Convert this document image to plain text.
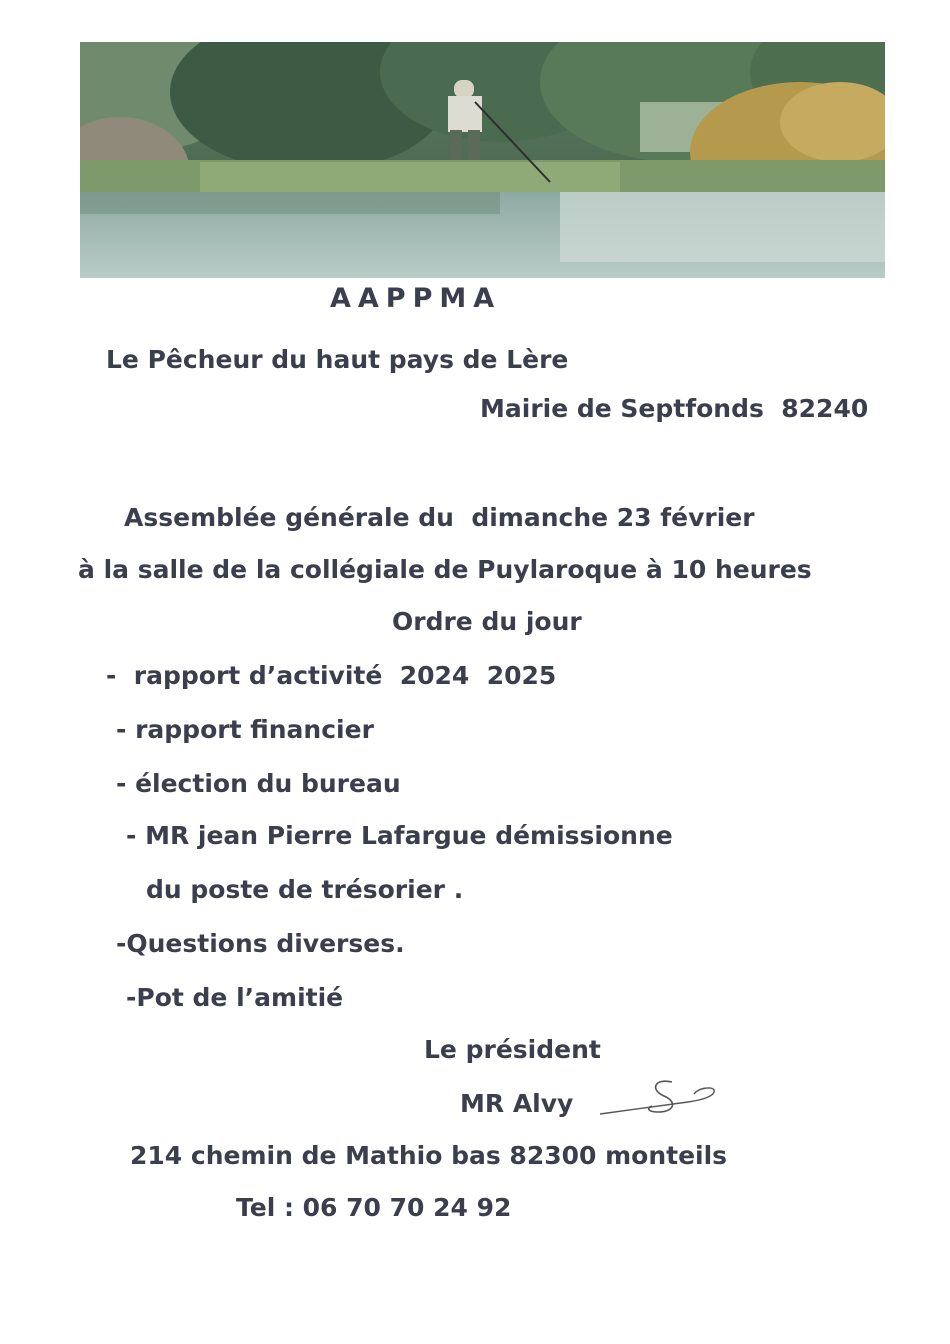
AAPPMA
Le Pêcheur du haut pays de Lère
Mairie de Septfonds  82240
Assemblée générale du  dimanche 23 février
à la salle de la collégiale de Puylaroque à 10 heures
Ordre du jour
-  rapport d’activité  2024  2025
- rapport financier
- élection du bureau
- MR jean Pierre Lafargue démissionne
du poste de trésorier .
-Questions diverses.
-Pot de l’amitié
Le président
MR Alvy
214 chemin de Mathio bas 82300 monteils
Tel : 06 70 70 24 92
